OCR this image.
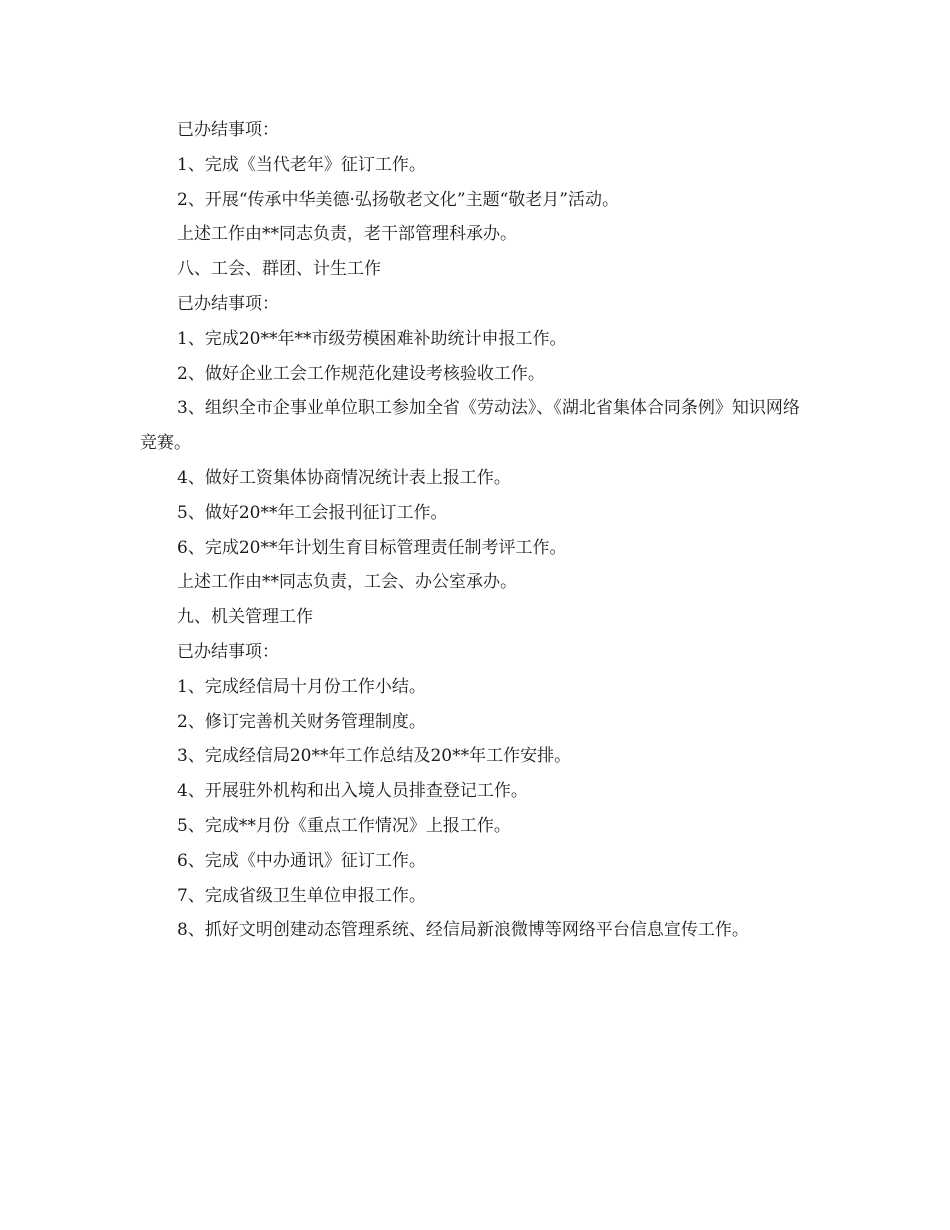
已办结事项：

1、完成《当代老年》征订工作。

2、开展“传承中华美德·弘扬敬老文化”主题“敬老月”活动。

上述工作由**同志负责，老干部管理科承办。

八、工会、群团、计生工作

已办结事项：

1、完成20**年**市级劳模困难补助统计申报工作。

2、做好企业工会工作规范化建设考核验收工作。

3、组织全市企事业单位职工参加全省《劳动法》、《湖北省集体合同条例》知识网络竞赛。

4、做好工资集体协商情况统计表上报工作。

5、做好20**年工会报刊征订工作。

6、完成20**年计划生育目标管理责任制考评工作。

上述工作由**同志负责，工会、办公室承办。

九、机关管理工作

已办结事项：

1、完成经信局十月份工作小结。

2、修订完善机关财务管理制度。

3、完成经信局20**年工作总结及20**年工作安排。

4、开展驻外机构和出入境人员排查登记工作。

5、完成**月份《重点工作情况》上报工作。

6、完成《中办通讯》征订工作。

7、完成省级卫生单位申报工作。

8、抓好文明创建动态管理系统、经信局新浪微博等网络平台信息宣传工作。
